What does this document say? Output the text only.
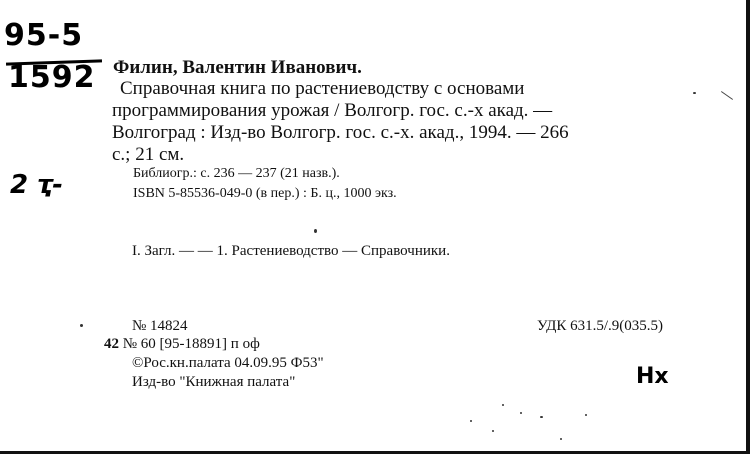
95-5
1592
2 ҭ-
Филин, Валентин Иванович.
Справочная книга по растениеводству с основами
программирования урожая / Волгогр. гос. с.-х акад. —
Волгоград : Изд-во Волгогр. гос. с.-х. акад., 1994. — 266
с.; 21 см.
Библиогр.: с. 236 — 237 (21 назв.).
ISBN 5-85536-049-0 (в пер.) : Б. ц., 1000 экз.
I. Загл. — — 1. Растениеводство — Справочники.
№ 14824	УДК 631.5/.9(035.5)
42 № 60 [95-18891] п оф
©Рос.кн.палата 04.09.95 Ф53"
Изд-во "Книжная палата"	Нх
